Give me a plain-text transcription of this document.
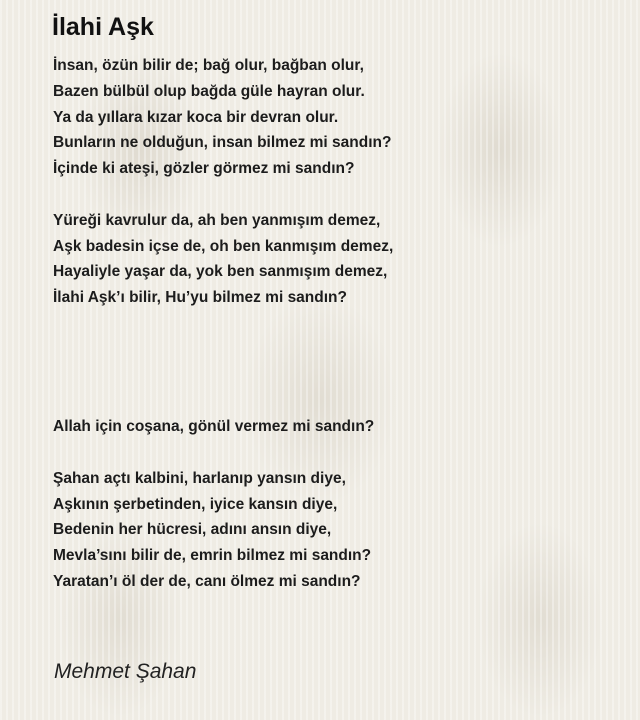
İlahi Aşk
İnsan, özün bilir de; bağ olur, bağban olur,
Bazen bülbül olup bağda güle hayran olur.
Ya da yıllara kızar koca bir devran olur.
Bunların ne olduğun, insan bilmez mi sandın?
İçinde ki ateşi, gözler görmez mi sandın?
Yüreği kavrulur da, ah ben yanmışım demez,
Aşk badesin içse de, oh ben kanmışım demez,
Hayaliyle yaşar da, yok ben sanmışım demez,
İlahi Aşk’ı bilir, Hu’yu bilmez mi sandın?
Allah için coşana, gönül vermez mi sandın?
Şahan açtı kalbini, harlanıp yansın diye,
Aşkının şerbetinden, iyice kansın diye,
Bedenin her hücresi, adını ansın diye,
Mevla’sını bilir de, emrin bilmez mi sandın?
Yaratan’ı öl der de, canı ölmez mi sandın?
Mehmet Şahan
